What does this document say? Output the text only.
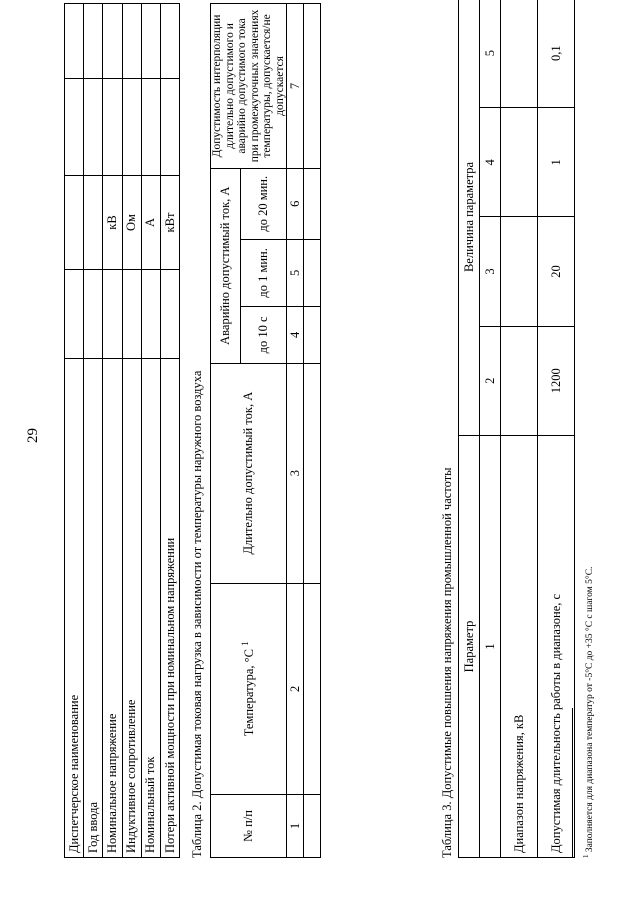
29
Диспетчерское наименование				
Год ввода				
Номинальное напряжение		кВ		
Индуктивное сопротивление		Ом		
Номинальный ток		А		
Потери активной мощности при номинальном напряжении		кВт		
Таблица 2. Допустимая токовая нагрузка в зависимости от температуры наружного воздуха	№ п/п	Температура, °С $^1$	Длительно допустимый ток, А	Аварийно допустимый ток, А			Допустимость интерполяции длительно допустимого и аварийно допустимого тока при промежуточных значениях температуры, допускается/не допускается
			до 10 с	до 1 мин.	до 20 мин.	
1	2	3	4	5	6	7

Таблица 3. Допустимые повышения напряжения промышленной частоты Параметр	Величина параметра			
1	2	3	4	5
Диапазон напряжения, кВ				
Допустимая длительность работы в диапазоне, с	1200	20	1	0,1
$^1$ Заполняется для диапазона температур от -5°С до +35 °С с шагом 5°С.
